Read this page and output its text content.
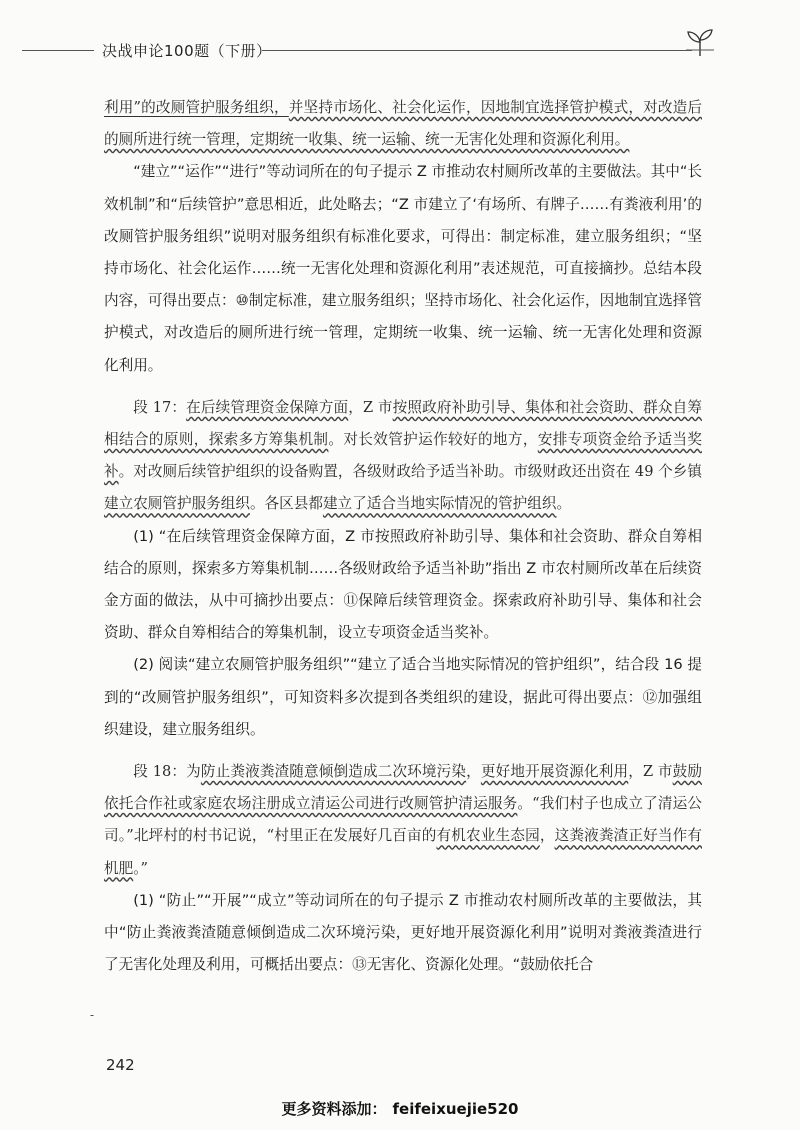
决战申论100题（下册）

利用”的改厕管护服务组织，并坚持市场化、社会化运作，因地制宜选择管护模式，对改造后的厕所进行统一管理，定期统一收集、统一运输、统一无害化处理和资源化利用。

“建立”“运作”“进行”等动词所在的句子提示 Z 市推动农村厕所改革的主要做法。其中“长效机制”和“后续管护”意思相近，此处略去；“Z 市建立了‘有场所、有牌子……有粪液利用’的改厕管护服务组织”说明对服务组织有标准化要求，可得出：制定标准，建立服务组织；“坚持市场化、社会化运作……统一无害化处理和资源化利用”表述规范，可直接摘抄。总结本段内容，可得出要点：⑩制定标准，建立服务组织；坚持市场化、社会化运作，因地制宜选择管护模式，对改造后的厕所进行统一管理，定期统一收集、统一运输、统一无害化处理和资源化利用。

段 17：在后续管理资金保障方面，Z 市按照政府补助引导、集体和社会资助、群众自筹相结合的原则，探索多方筹集机制。对长效管护运作较好的地方，安排专项资金给予适当奖补。对改厕后续管护组织的设备购置，各级财政给予适当补助。市级财政还出资在 49 个乡镇建立农厕管护服务组织。各区县都建立了适合当地实际情况的管护组织。

(1) “在后续管理资金保障方面，Z 市按照政府补助引导、集体和社会资助、群众自筹相结合的原则，探索多方筹集机制……各级财政给予适当补助”指出 Z 市农村厕所改革在后续资金方面的做法，从中可摘抄出要点：⑪保障后续管理资金。探索政府补助引导、集体和社会资助、群众自筹相结合的筹集机制，设立专项资金适当奖补。

(2) 阅读“建立农厕管护服务组织”“建立了适合当地实际情况的管护组织”，结合段 16 提到的“改厕管护服务组织”，可知资料多次提到各类组织的建设，据此可得出要点：⑫加强组织建设，建立服务组织。

段 18：为防止粪液粪渣随意倾倒造成二次环境污染，更好地开展资源化利用，Z 市鼓励依托合作社或家庭农场注册成立清运公司进行改厕管护清运服务。“我们村子也成立了清运公司。”北坪村的村书记说，“村里正在发展好几百亩的有机农业生态园，这粪液粪渣正好当作有机肥。”

(1) “防止”“开展”“成立”等动词所在的句子提示 Z 市推动农村厕所改革的主要做法，其中“防止粪液粪渣随意倾倒造成二次环境污染，更好地开展资源化利用”说明对粪液粪渣进行了无害化处理及利用，可概括出要点：⑬无害化、资源化处理。“鼓励依托合

-
242
更多资料添加： feifeixuejie520
